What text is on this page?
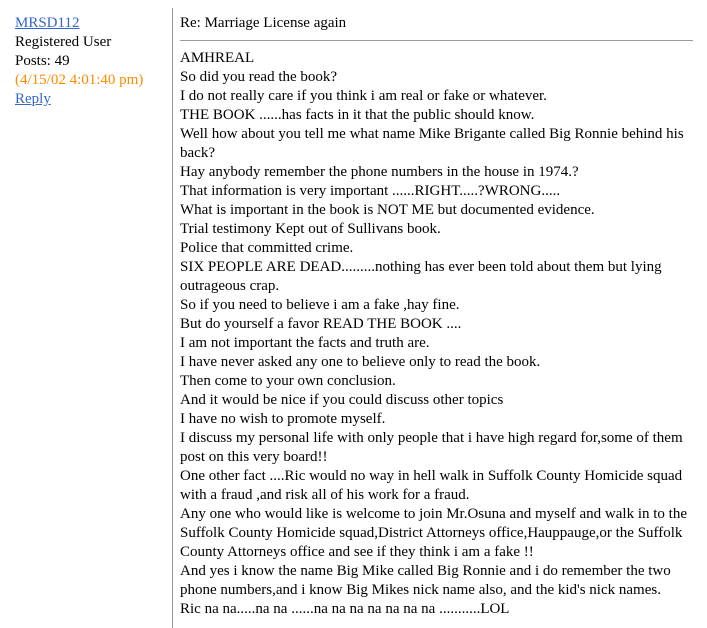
MRSD112
Registered User
Posts: 49
(4/15/02 4:01:40 pm)
Reply
Re: Marriage License again
AMHREAL
So did you read the book?
I do not really care if you think i am real or fake or whatever.
THE BOOK ......has facts in it that the public should know.
Well how about you tell me what name Mike Brigante called Big Ronnie behind his back?
Hay anybody remember the phone numbers in the house in 1974.?
That information is very important ......RIGHT.....?WRONG.....
What is important in the book is NOT ME but documented evidence.
Trial testimony Kept out of Sullivans book.
Police that committed crime.
SIX PEOPLE ARE DEAD.........nothing has ever been told about them but lying outrageous crap.
So if you need to believe i am a fake ,hay fine.
But do yourself a favor READ THE BOOK ....
I am not important the facts and truth are.
I have never asked any one to believe only to read the book.
Then come to your own conclusion.
And it would be nice if you could discuss other topics
I have no wish to promote myself.
I discuss my personal life with only people that i have high regard for,some of them post on this very board!!
One other fact ....Ric would no way in hell walk in Suffolk County Homicide squad with a fraud ,and risk all of his work for a fraud.
Any one who would like is welcome to join Mr.Osuna and myself and walk in to the Suffolk County Homicide squad,District Attorneys office,Hauppauge,or the Suffolk County Attorneys office and see if they think i am a fake !!
And yes i know the name Big Mike called Big Ronnie and i do remember the two phone numbers,and i know Big Mikes nick name also, and the kid's nick names.
Ric na na.....na na ......na na na na na na na ...........LOL
